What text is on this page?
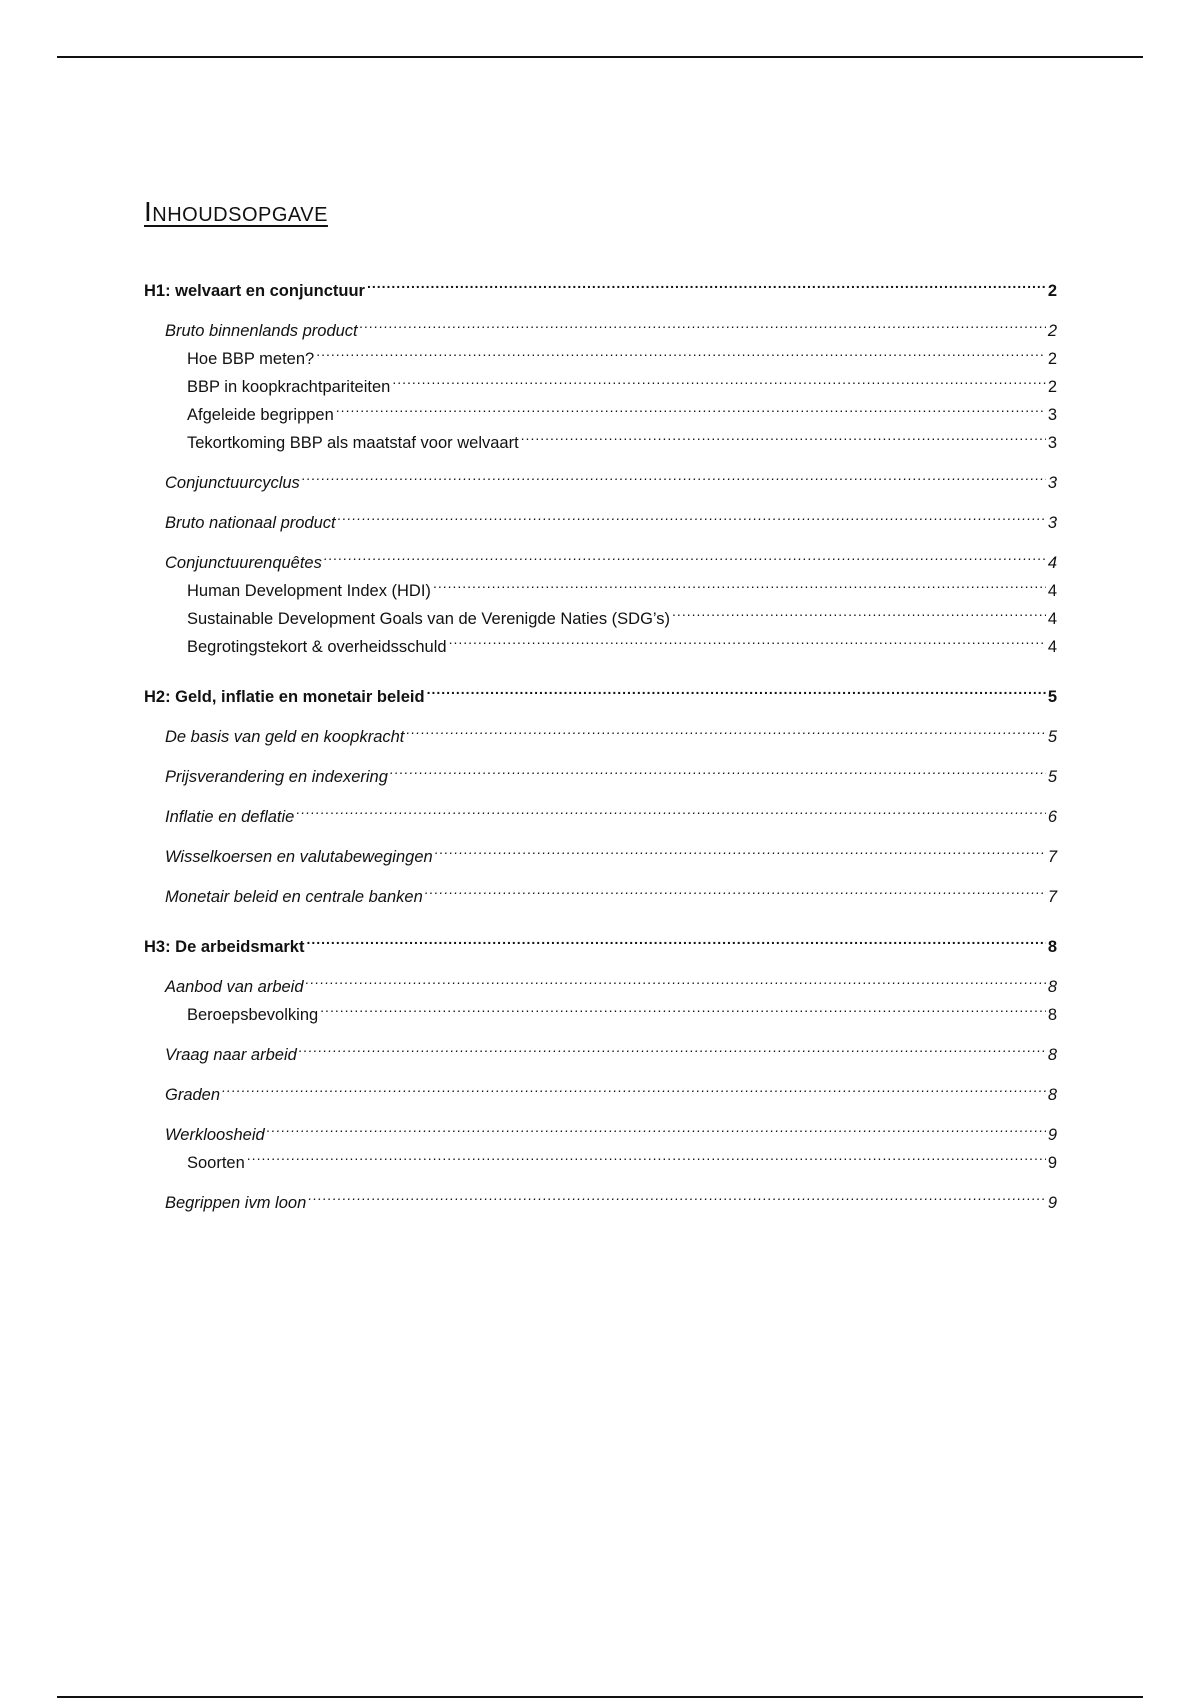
Inhoudsopgave
H1: welvaart en conjunctuur .....	2
Bruto binnenlands product .....	2
Hoe BBP meten? .....	2
BBP in koopkrachtpariteiten .....	2
Afgeleide begrippen .....	3
Tekortkoming BBP als maatstaf voor welvaart .....	3
Conjunctuurcyclus .....	3
Bruto nationaal product .....	3
Conjunctuurenquêtes .....	4
Human Development Index (HDI) .....	4
Sustainable Development Goals van de Verenigde Naties (SDG’s) .....	4
Begrotingstekort & overheidsschuld .....	4
H2: Geld, inflatie en monetair beleid .....	5
De basis van geld en koopkracht .....	5
Prijsverandering en indexering .....	5
Inflatie en deflatie .....	6
Wisselkoersen en valutabewegingen .....	7
Monetair beleid en centrale banken .....	7
H3: De arbeidsmarkt .....	8
Aanbod van arbeid .....	8
Beroepsbevolking .....	8
Vraag naar arbeid .....	8
Graden .....	8
Werkloosheid .....	9
Soorten .....	9
Begrippen ivm loon .....	9
